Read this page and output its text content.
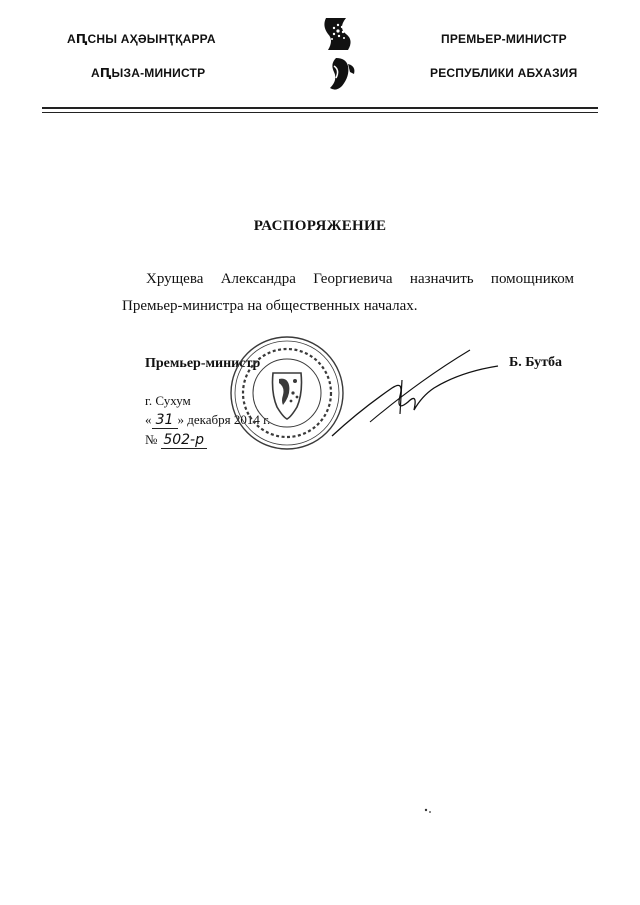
АԤСНЫ АҲӘЫНҬҚАРРА
АԤЫЗА-МИНИСТР
ПРЕМЬЕР-МИНИСТР
РЕСПУБЛИКИ АБХАЗИЯ
РАСПОРЯЖЕНИЕ
Хрущева Александра Георгиевича назначить помощником Премьер-министра на общественных началах.
Премьер-министр	Б. Бутба
г. Сухум
« 31 » декабря 2014 г.
№ 502-р
